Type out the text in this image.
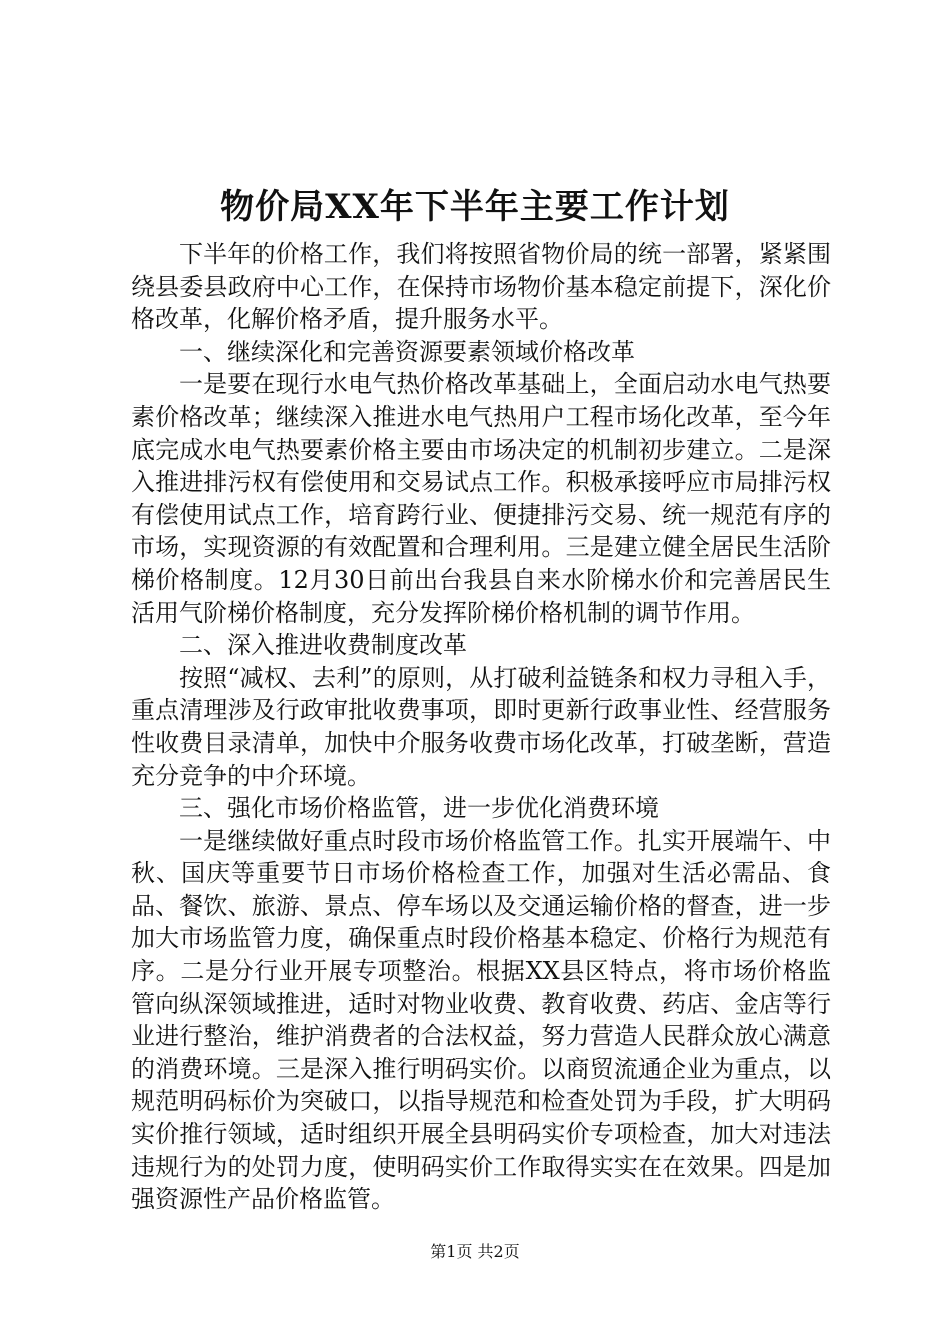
物价局XX年下半年主要工作计划

下半年的价格工作，我们将按照省物价局的统一部署，紧紧围绕县委县政府中心工作，在保持市场物价基本稳定前提下，深化价格改革，化解价格矛盾，提升服务水平。

一、继续深化和完善资源要素领域价格改革

一是要在现行水电气热价格改革基础上，全面启动水电气热要素价格改革；继续深入推进水电气热用户工程市场化改革，至今年底完成水电气热要素价格主要由市场决定的机制初步建立。二是深入推进排污权有偿使用和交易试点工作。积极承接呼应市局排污权有偿使用试点工作，培育跨行业、便捷排污交易、统一规范有序的市场，实现资源的有效配置和合理利用。三是建立健全居民生活阶梯价格制度。12月30日前出台我县自来水阶梯水价和完善居民生活用气阶梯价格制度，充分发挥阶梯价格机制的调节作用。

二、深入推进收费制度改革

按照“减权、去利”的原则，从打破利益链条和权力寻租入手，重点清理涉及行政审批收费事项，即时更新行政事业性、经营服务性收费目录清单，加快中介服务收费市场化改革，打破垄断，营造充分竞争的中介环境。

三、强化市场价格监管，进一步优化消费环境

一是继续做好重点时段市场价格监管工作。扎实开展端午、中秋、国庆等重要节日市场价格检查工作，加强对生活必需品、食品、餐饮、旅游、景点、停车场以及交通运输价格的督查，进一步加大市场监管力度，确保重点时段价格基本稳定、价格行为规范有序。二是分行业开展专项整治。根据XX县区特点，将市场价格监管向纵深领域推进，适时对物业收费、教育收费、药店、金店等行业进行整治，维护消费者的合法权益，努力营造人民群众放心满意的消费环境。三是深入推行明码实价。以商贸流通企业为重点，以规范明码标价为突破口，以指导规范和检查处罚为手段，扩大明码实价推行领域，适时组织开展全县明码实价专项检查，加大对违法违规行为的处罚力度，使明码实价工作取得实实在在效果。四是加强资源性产品价格监管。

第1页 共2页
